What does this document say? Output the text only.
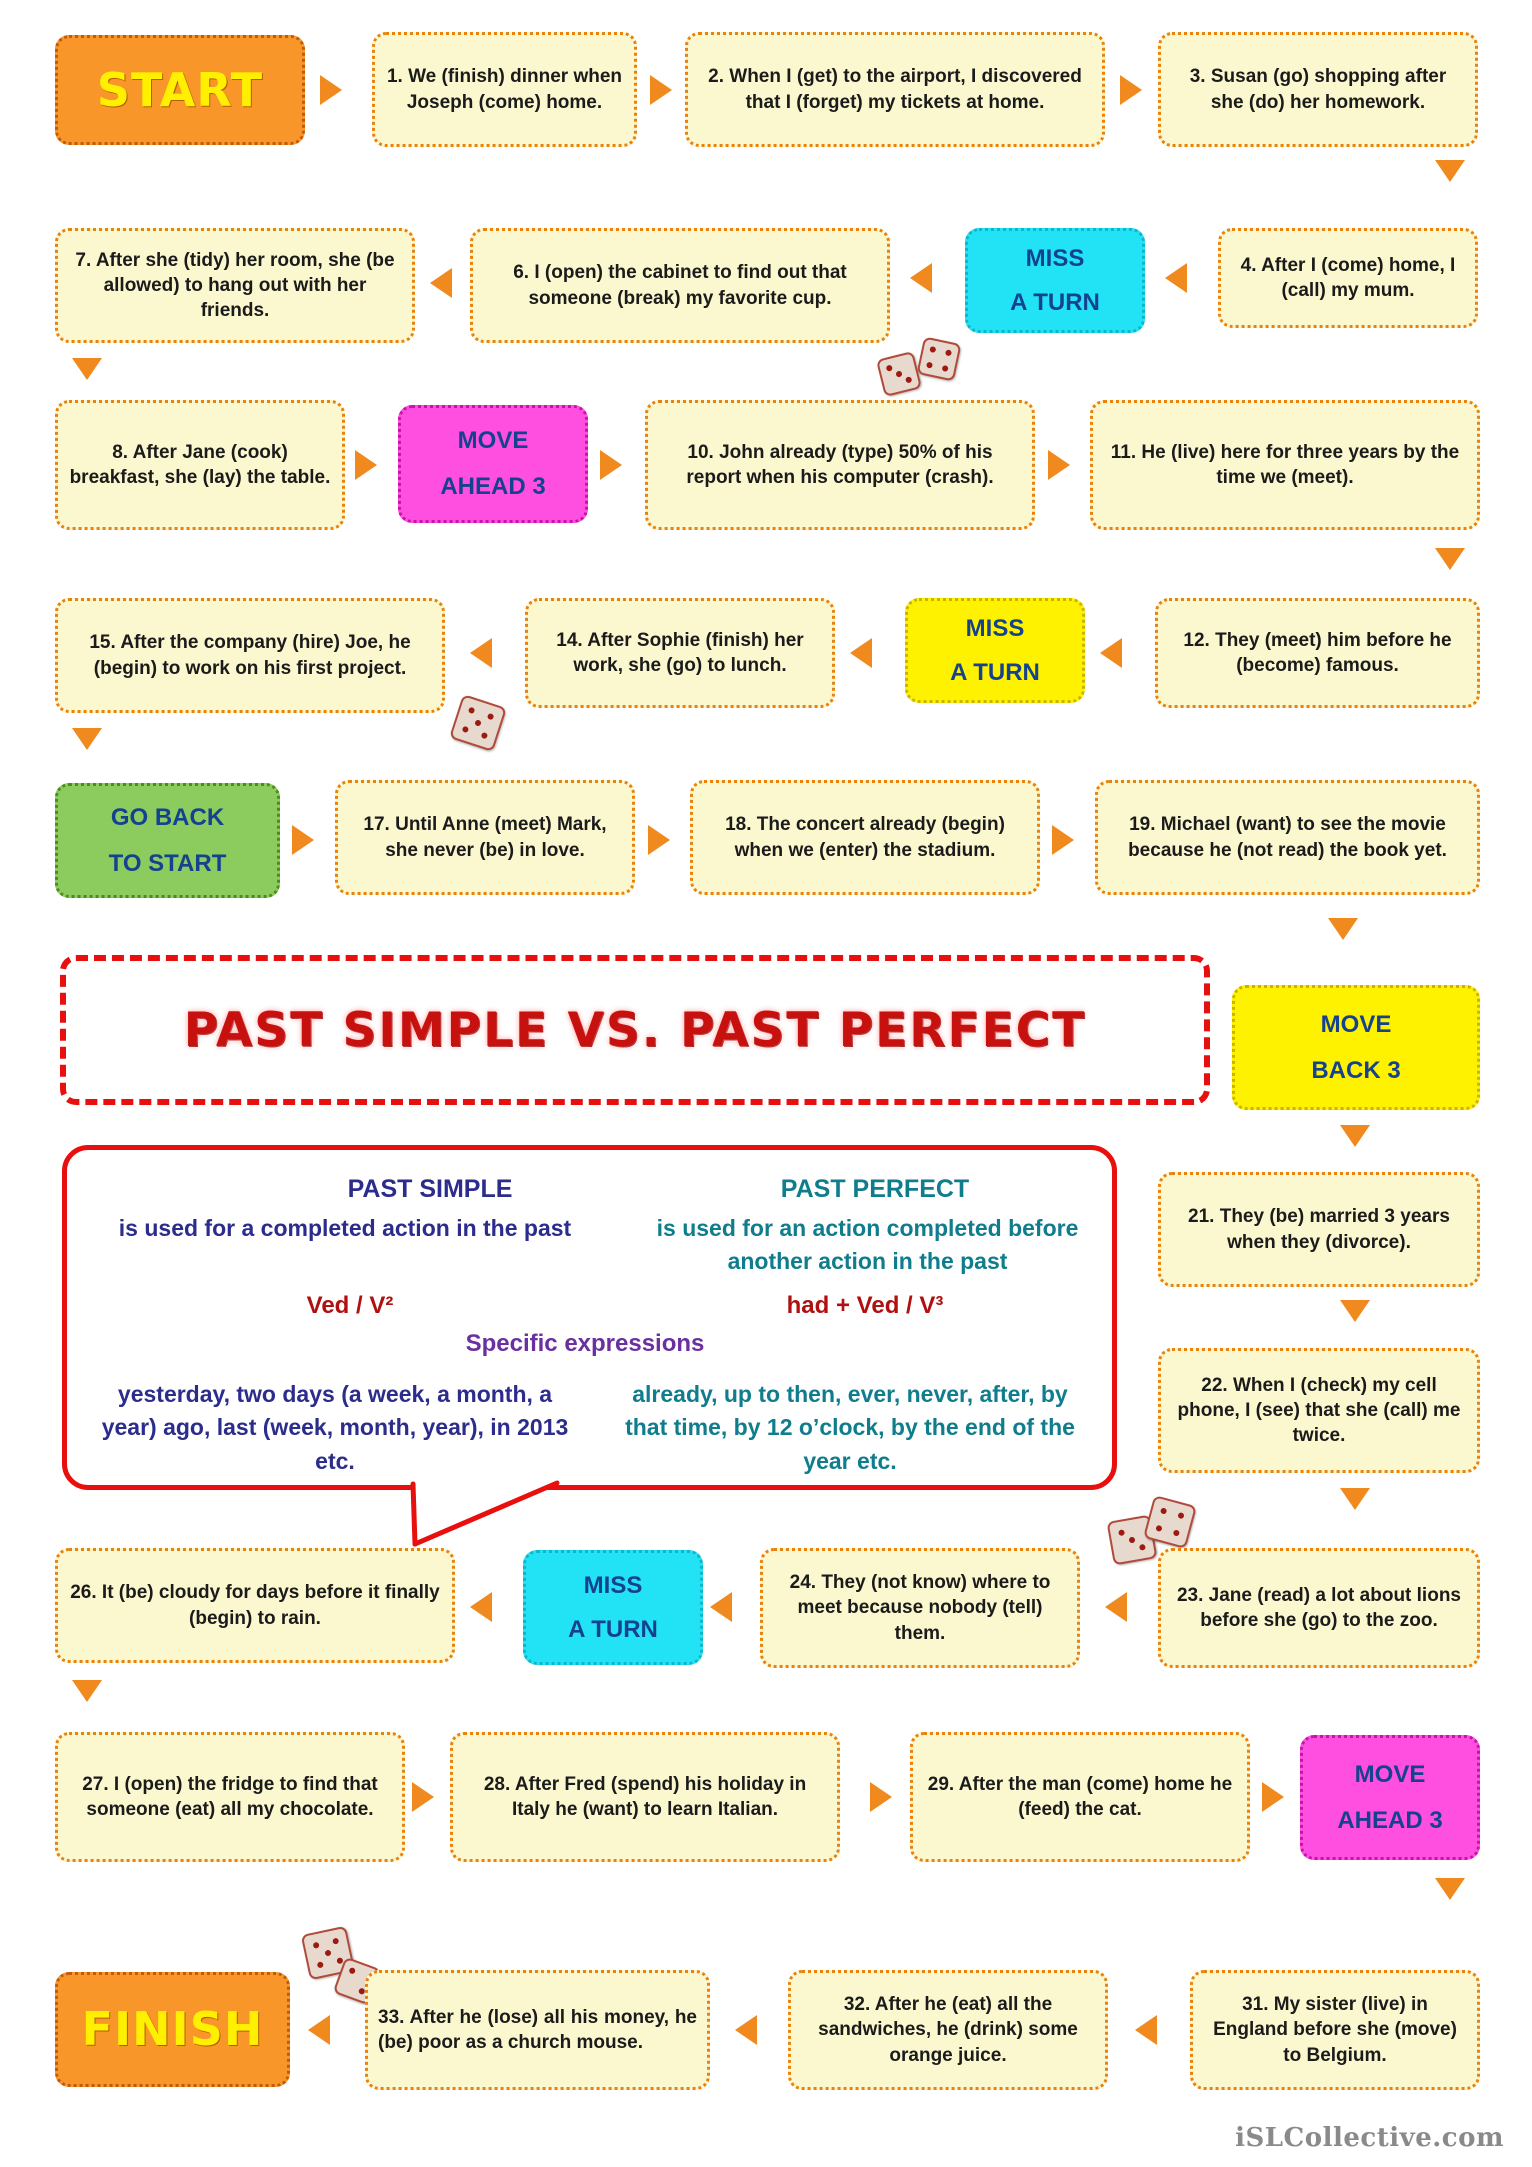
START	1. We (finish) dinner when Joseph (come) home.
2. When I (get) to the airport, I discovered that I (forget) my tickets at home.
3. Susan (go) shopping after she (do) her homework.
4. After I (come) home, I (call) my mum.
MISS
A TURN
6. I (open) the cabinet to find out that someone (break) my favorite cup.
7. After she (tidy) her room, she (be allowed) to hang out with her friends.
8. After Jane (cook) breakfast, she (lay) the table.
MOVE
AHEAD 3
10. John already (type) 50% of his report when his computer (crash).
11. He (live) here for three years by the time we (meet).
12. They (meet) him before he (become) famous.
MISS
A TURN
14. After Sophie (finish) her work, she (go) to lunch.
15. After the company (hire) Joe, he (begin) to work on his first project.
GO BACK
TO START
17. Until Anne (meet) Mark, she never (be) in love.
18. The concert already (begin) when we (enter) the stadium.
19. Michael (want) to see the movie because he (not read) the book yet.
PAST SIMPLE VS. PAST PERFECT	MOVE
BACK 3
21. They (be) married 3 years when they (divorce).
22. When I (check) my cell phone, I (see) that she (call) me twice.
PAST SIMPLE	PAST PERFECT
is used for a completed action in the past	is used for an action completed before another action in the past
Ved / V²	had + Ved / V³
Specific expressions
yesterday, two days (a week, a month, a year) ago, last (week, month, year), in 2013 etc.
already, up to then, ever, never, after, by that time, by 12 o’clock, by the end of the year etc.
23. Jane (read) a lot about lions before she (go) to the zoo.
24. They (not know) where to meet because nobody (tell) them.
MISS
A TURN
26. It (be) cloudy for days before it finally (begin) to rain.
27. I (open) the fridge to find that someone (eat) all my chocolate.
28. After Fred (spend) his holiday in Italy he (want) to learn Italian.
29. After the man (come) home he (feed) the cat.
MOVE
AHEAD 3
31. My sister (live) in England before she (move) to Belgium.
32. After he (eat) all the sandwiches, he (drink) some orange juice.
33. After he (lose) all his money, he (be) poor as a church mouse.
FINISH
iSLCollective.com
